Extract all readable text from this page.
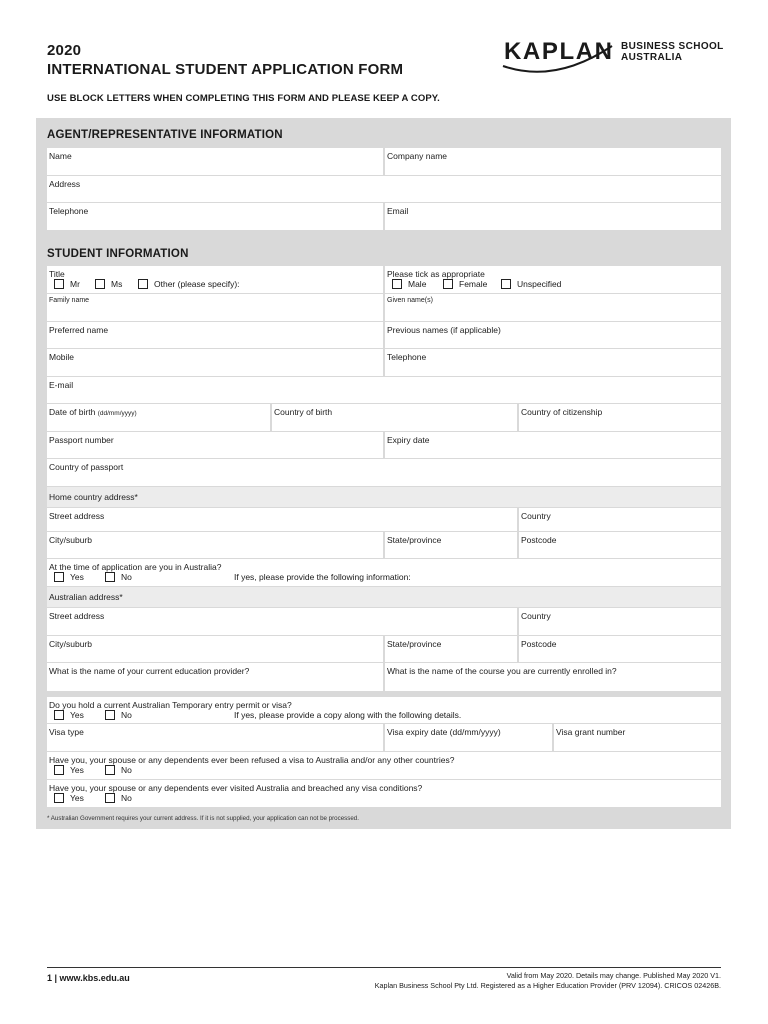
2020
INTERNATIONAL STUDENT APPLICATION FORM
USE BLOCK LETTERS WHEN COMPLETING THIS FORM AND PLEASE KEEP A COPY.
KAPLAN BUSINESS SCHOOL
AUSTRALIA
AGENT/REPRESENTATIVE INFORMATION
Name	Company name
Address
Telephone	Email
STUDENT INFORMATION
Title
Mr	Ms	Other (please specify):
Please tick as appropriate
Male	Female	Unspecified
Family name	Given name(s)
Preferred name	Previous names (if applicable)
Mobile	Telephone
E-mail
Date of birth (dd/mm/yyyy)	Country of birth	Country of citizenship
Passport number	Expiry date
Country of passport
Home country address*
Street address	Country
City/suburb	State/province	Postcode
At the time of application are you in Australia?
Yes	No	If yes, please provide the following information:
Australian address*
Street address	Country
City/suburb	State/province	Postcode
What is the name of your current education provider?	What is the name of the course you are currently enrolled in?
Do you hold a current Australian Temporary entry permit or visa?
Yes	No	If yes, please provide a copy along with the following details.
Visa type	Visa expiry date (dd/mm/yyyy)	Visa grant number
Have you, your spouse or any dependents ever been refused a visa to Australia and/or any other countries?
Yes	No
Have you, your spouse or any dependents ever visited Australia and breached any visa conditions?
Yes	No
* Australian Government requires your current address. If it is not supplied, your application can not be processed.
1 | www.kbs.edu.au	Valid from May 2020. Details may change. Published May 2020 V1.
Kaplan Business School Pty Ltd. Registered as a Higher Education Provider (PRV 12094). CRICOS 02426B.
